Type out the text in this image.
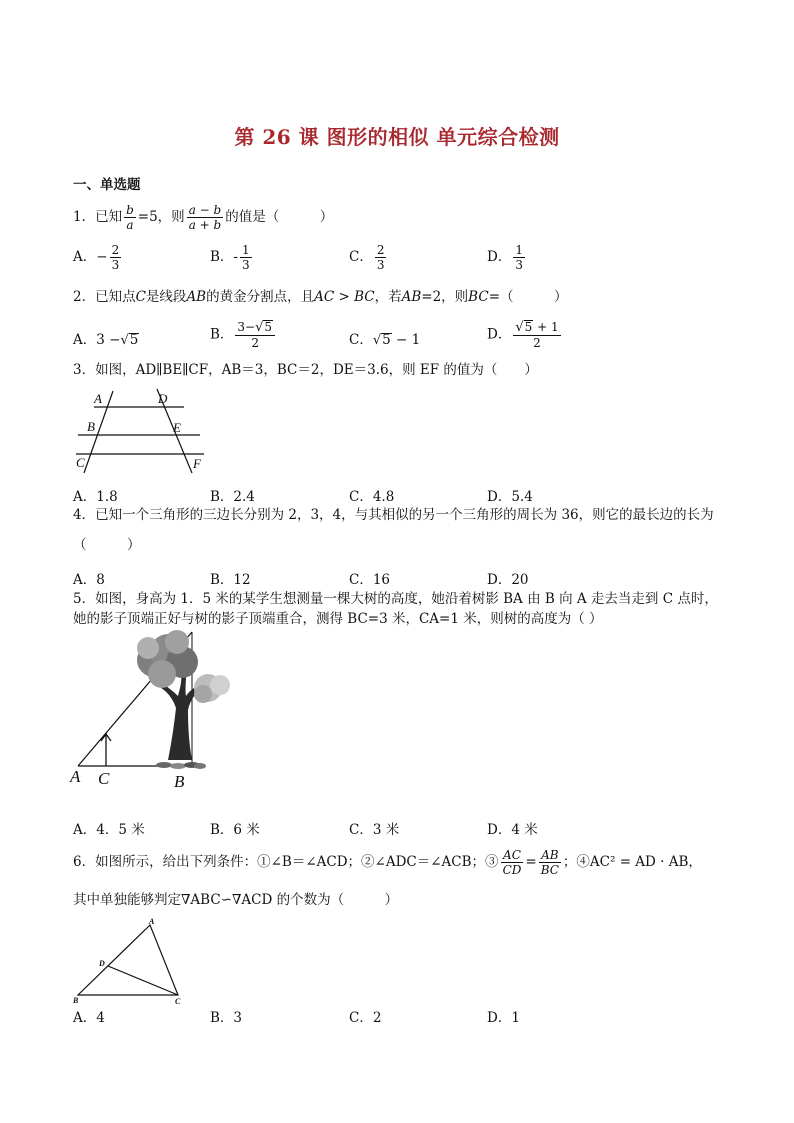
第 26 课 图形的相似 单元综合检测
一、单选题
1．已知 $\frac{b}{a} =5$，则 $\frac{a - b}{a + b}$ 的值是（　　　）
A．− $\frac{2}{3}$	B．- $\frac{1}{3}$	C． $\frac{2}{3}$	D． $\frac{1}{3}$
2．已知点C是线段AB的黄金分割点，且AC > BC，若AB=2，则BC=（　　　）
A．3 −√5	B． $\frac{3-√5}{2}$	C．√5 − 1	D． $\frac{√5 + 1}{2}$
3．如图，AD∥BE∥CF，AB＝3，BC＝2，DE＝3.6，则 EF 的值为（　　）
A	D
B	E
C	F
A．1.8	B．2.4	C．4.8	D．5.4
4．已知一个三角形的三边长分别为 2，3，4，与其相似的另一个三角形的周长为 36，则它的最长边的长为
（　　　）
A．8	B．12	C．16	D．20
5．如图，身高为 1．5 米的某学生想测量一棵大树的高度，她沿着树影 BA 由 B 向 A 走去当走到 C 点时，
她的影子顶端正好与树的影子顶端重合，测得 BC=3 米，CA=1 米，则树的高度为（ ）
A C	B
A．4．5 米	B．6 米	C．3 米	D．4 米
6．如图所示，给出下列条件：①∠B＝∠ACD；②∠ADC＝∠ACB；③ $\frac{AC}{CD} = \frac{AB}{BC}$ ；④AC² = AD · AB，
其中单独能够判定∇ABC∽∇ACD 的个数为（　　　）
A
D
B	C
A．4	B．3	C．2	D．1
